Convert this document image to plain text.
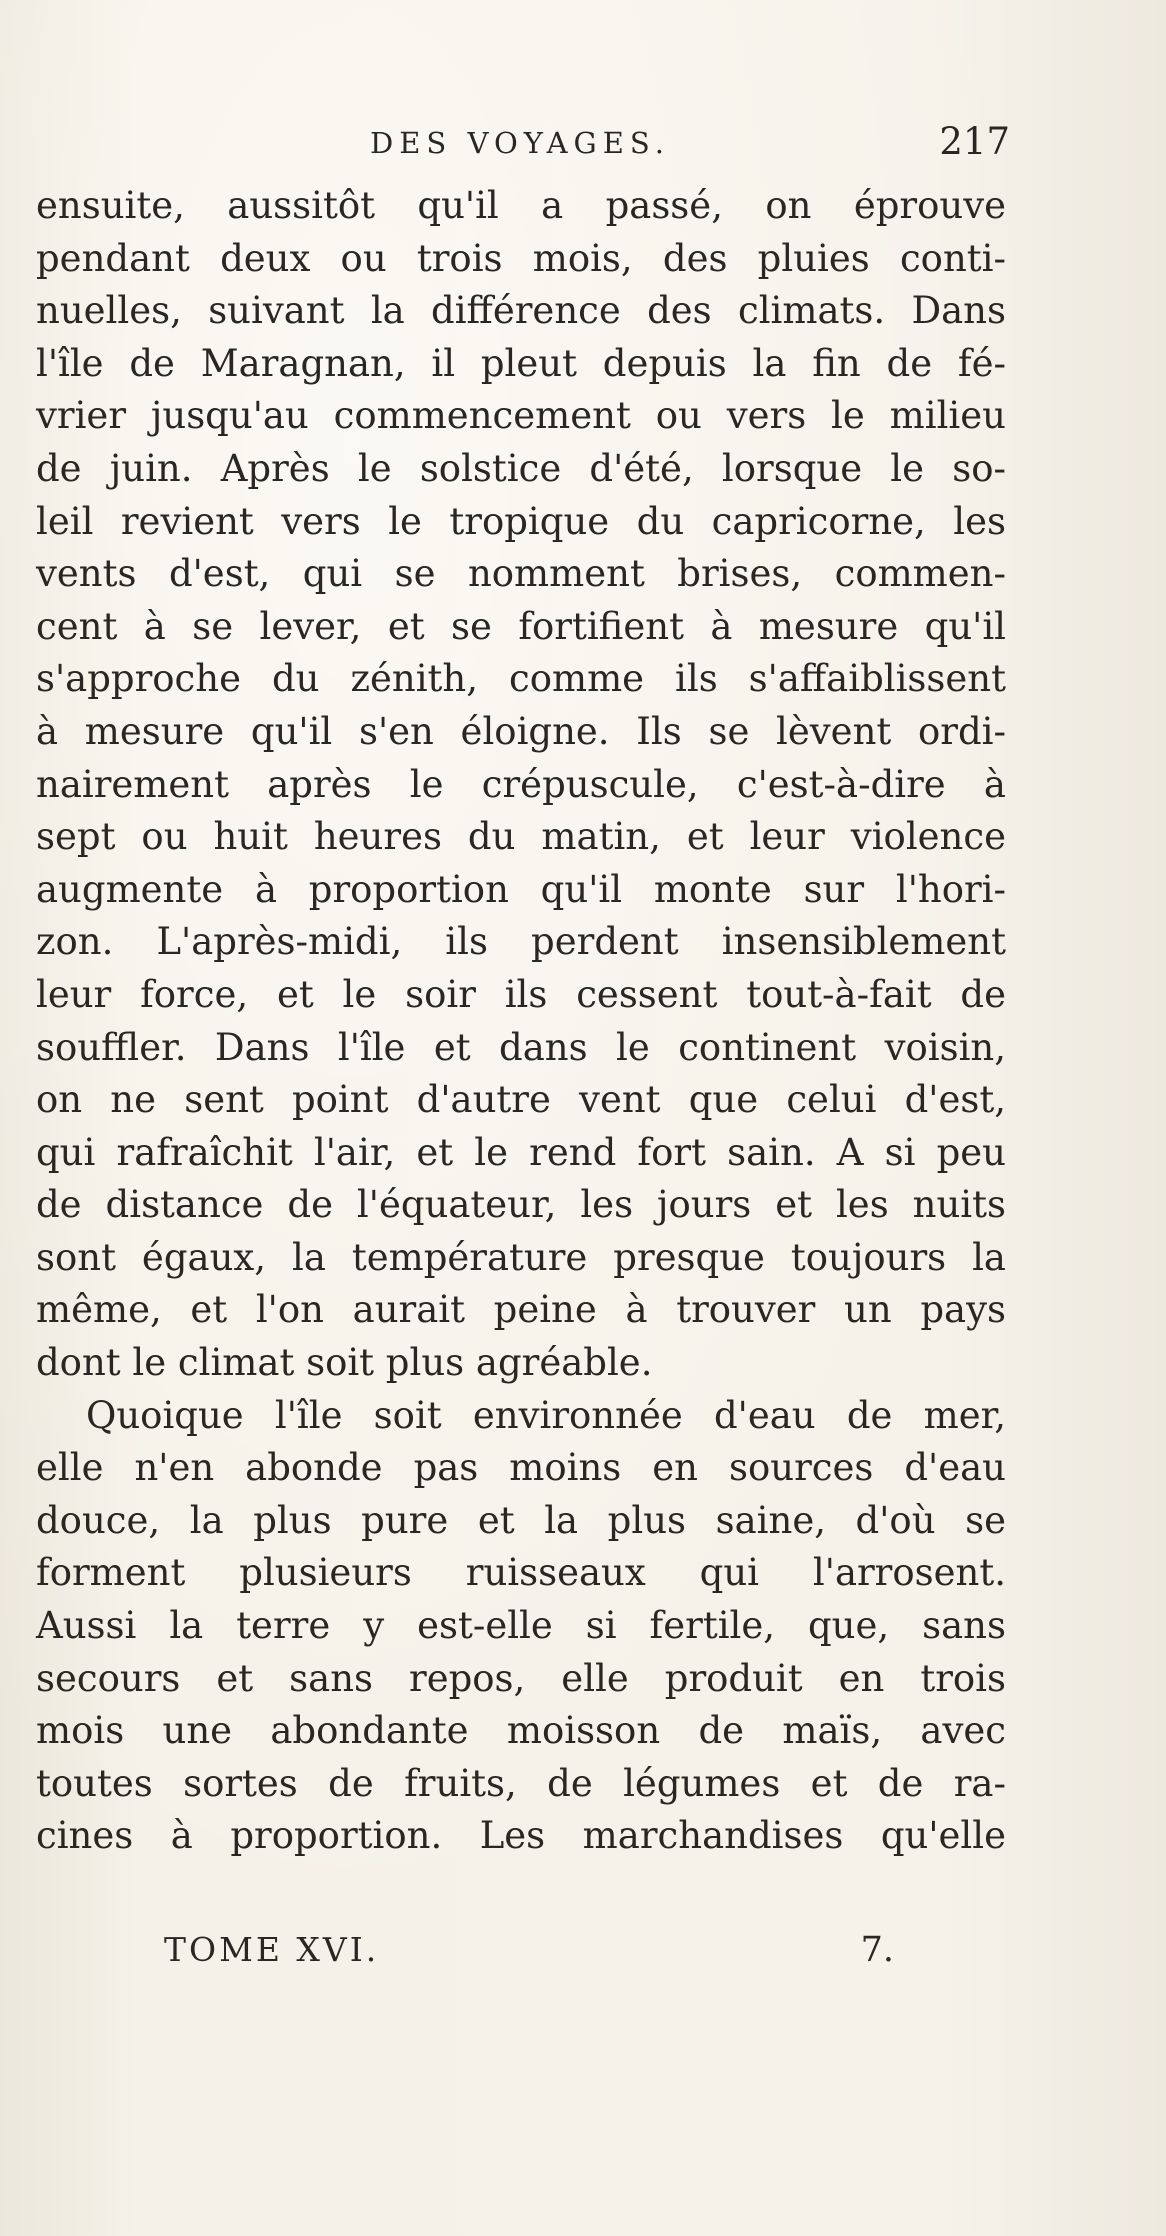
DES VOYAGES.	217
ensuite, aussitôt qu'il a passé, on éprouve
pendant deux ou trois mois, des pluies conti-
nuelles, suivant la différence des climats. Dans
l'île de Maragnan, il pleut depuis la fin de fé-
vrier jusqu'au commencement ou vers le milieu
de juin. Après le solstice d'été, lorsque le so-
leil revient vers le tropique du capricorne, les
vents d'est, qui se nomment brises, commen-
cent à se lever, et se fortifient à mesure qu'il
s'approche du zénith, comme ils s'affaiblissent
à mesure qu'il s'en éloigne. Ils se lèvent ordi-
nairement après le crépuscule, c'est-à-dire à
sept ou huit heures du matin, et leur violence
augmente à proportion qu'il monte sur l'hori-
zon. L'après-midi, ils perdent insensiblement
leur force, et le soir ils cessent tout-à-fait de
souffler. Dans l'île et dans le continent voisin,
on ne sent point d'autre vent que celui d'est,
qui rafraîchit l'air, et le rend fort sain. A si peu
de distance de l'équateur, les jours et les nuits
sont égaux, la température presque toujours la
même, et l'on aurait peine à trouver un pays
dont le climat soit plus agréable.
Quoique l'île soit environnée d'eau de mer,
elle n'en abonde pas moins en sources d'eau
douce, la plus pure et la plus saine, d'où se
forment plusieurs ruisseaux qui l'arrosent.
Aussi la terre y est-elle si fertile, que, sans
secours et sans repos, elle produit en trois
mois une abondante moisson de maïs, avec
toutes sortes de fruits, de légumes et de ra-
cines à proportion. Les marchandises qu'elle
TOME XVI.	7.
